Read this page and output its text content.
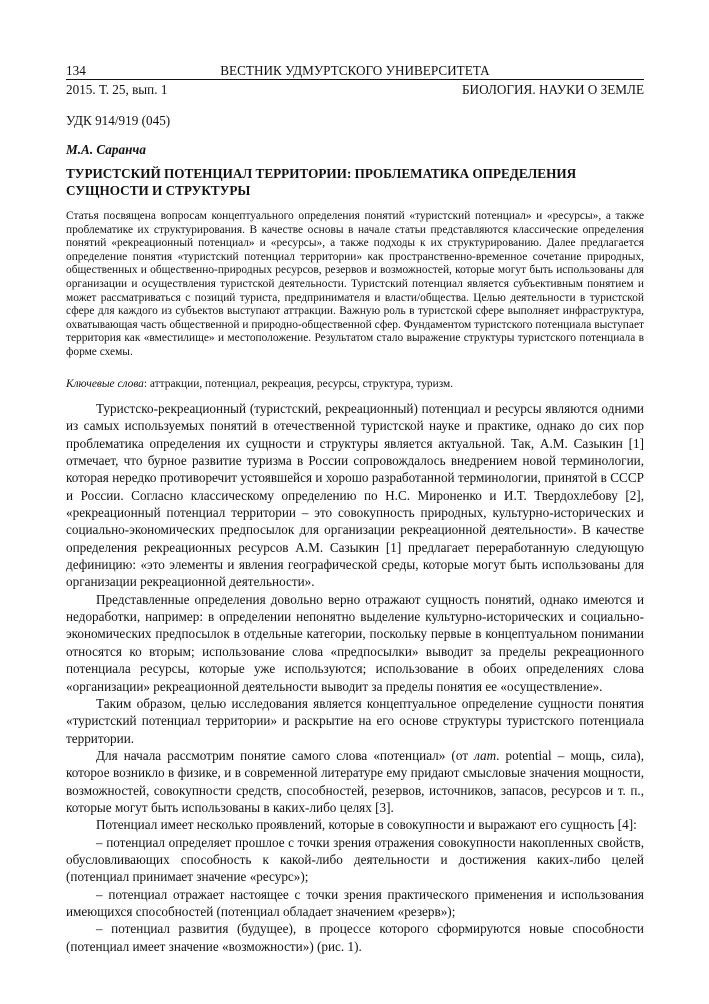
134	ВЕСТНИК УДМУРТСКОГО УНИВЕРСИТЕТА
2015. Т. 25, вып. 1	БИОЛОГИЯ. НАУКИ О ЗЕМЛЕ
УДК 914/919 (045)
М.А. Саранча
ТУРИСТСКИЙ ПОТЕНЦИАЛ ТЕРРИТОРИИ: ПРОБЛЕМАТИКА ОПРЕДЕЛЕНИЯ СУЩНОСТИ И СТРУКТУРЫ

Статья посвящена вопросам концептуального определения понятий «туристский потенциал» и «ресурсы», а также проблематике их структурирования. В качестве основы в начале статьи представляются классические определения понятий «рекреационный потенциал» и «ресурсы», а также подходы к их структурированию. Далее предлагается определение понятия «туристский потенциал территории» как пространственно-временное сочетание природных, общественных и общественно-природных ресурсов, резервов и возможностей, которые могут быть использованы для организации и осуществления туристской деятельности. Туристский потенциал является субъективным понятием и может рассматриваться с позиций туриста, предпринимателя и власти/общества. Целью деятельности в туристской сфере для каждого из субъектов выступают аттракции. Важную роль в туристской сфере выполняет инфраструктура, охватывающая часть общественной и природно-общественной сфер. Фундаментом туристского потенциала выступает территория как «вместилище» и местоположение. Результатом стало выражение структуры туристского потенциала в форме схемы.

Ключевые слова: аттракции, потенциал, рекреация, ресурсы, структура, туризм.

Туристско-рекреационный (туристский, рекреационный) потенциал и ресурсы являются одними из самых используемых понятий в отечественной туристской науке и практике, однако до сих пор проблематика определения их сущности и структуры является актуальной. Так, А.М. Сазыкин [1] отмечает, что бурное развитие туризма в России сопровождалось внедрением новой терминологии, которая нередко противоречит устоявшейся и хорошо разработанной терминологии, принятой в СССР и России. Согласно классическому определению по Н.С. Мироненко и И.Т. Твердохлебову [2], «рекреационный потенциал территории – это совокупность природных, культурно-исторических и социально-экономических предпосылок для организации рекреационной деятельности». В качестве определения рекреационных ресурсов А.М. Сазыкин [1] предлагает переработанную следующую дефиницию: «это элементы и явления географической среды, которые могут быть использованы для организации рекреационной деятельности».

Представленные определения довольно верно отражают сущность понятий, однако имеются и недоработки, например: в определении непонятно выделение культурно-исторических и социально-экономических предпосылок в отдельные категории, поскольку первые в концептуальном понимании относятся ко вторым; использование слова «предпосылки» выводит за пределы рекреационного потенциала ресурсы, которые уже используются; использование в обоих определениях слова «организации» рекреационной деятельности выводит за пределы понятия ее «осуществление».

Таким образом, целью исследования является концептуальное определение сущности понятия «туристский потенциал территории» и раскрытие на его основе структуры туристского потенциала территории.

Для начала рассмотрим понятие самого слова «потенциал» (от лат. potential – мощь, сила), которое возникло в физике, и в современной литературе ему придают смысловые значения мощности, возможностей, совокупности средств, способностей, резервов, источников, запасов, ресурсов и т. п., которые могут быть использованы в каких-либо целях [3].

Потенциал имеет несколько проявлений, которые в совокупности и выражают его сущность [4]:

– потенциал определяет прошлое с точки зрения отражения совокупности накопленных свойств, обусловливающих способность к какой-либо деятельности и достижения каких-либо целей (потенциал принимает значение «ресурс»);

– потенциал отражает настоящее с точки зрения практического применения и использования имеющихся способностей (потенциал обладает значением «резерв»);

– потенциал развития (будущее), в процессе которого сформируются новые способности (потенциал имеет значение «возможности») (рис. 1).
